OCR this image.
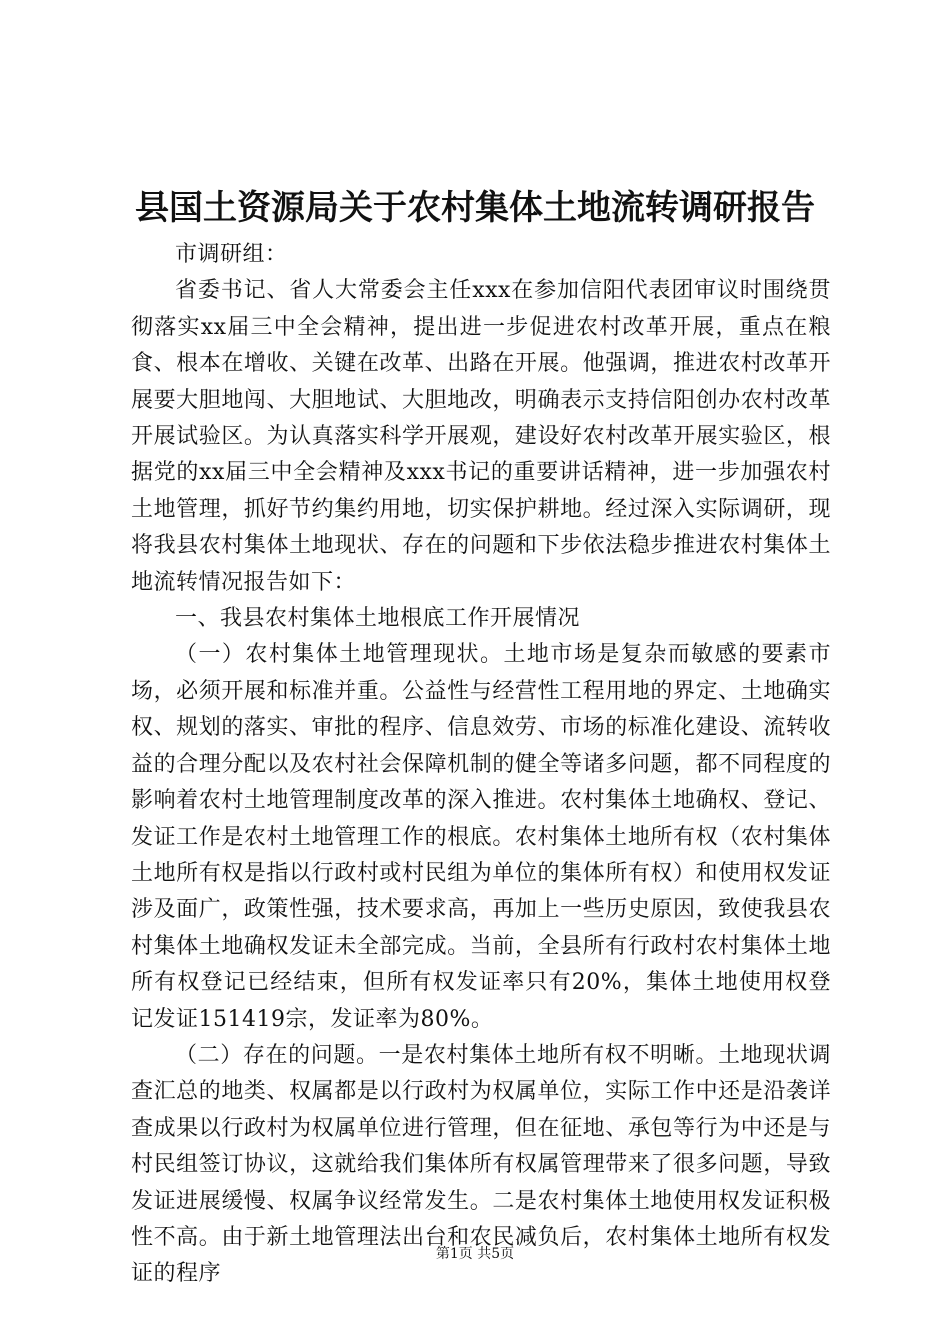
县国土资源局关于农村集体土地流转调研报告

市调研组：

省委书记、省人大常委会主任xxx在参加信阳代表团审议时围绕贯彻落实xx届三中全会精神，提出进一步促进农村改革开展，重点在粮食、根本在增收、关键在改革、出路在开展。他强调，推进农村改革开展要大胆地闯、大胆地试、大胆地改，明确表示支持信阳创办农村改革开展试验区。为认真落实科学开展观，建设好农村改革开展实验区，根据党的xx届三中全会精神及xxx书记的重要讲话精神，进一步加强农村土地管理，抓好节约集约用地，切实保护耕地。经过深入实际调研，现将我县农村集体土地现状、存在的问题和下步依法稳步推进农村集体土地流转情况报告如下：

一、我县农村集体土地根底工作开展情况

（一）农村集体土地管理现状。土地市场是复杂而敏感的要素市场，必须开展和标准并重。公益性与经营性工程用地的界定、土地确实权、规划的落实、审批的程序、信息效劳、市场的标准化建设、流转收益的合理分配以及农村社会保障机制的健全等诸多问题，都不同程度的影响着农村土地管理制度改革的深入推进。农村集体土地确权、登记、发证工作是农村土地管理工作的根底。农村集体土地所有权（农村集体土地所有权是指以行政村或村民组为单位的集体所有权）和使用权发证涉及面广，政策性强，技术要求高，再加上一些历史原因，致使我县农村集体土地确权发证未全部完成。当前，全县所有行政村农村集体土地所有权登记已经结束，但所有权发证率只有20%，集体土地使用权登记发证151419宗，发证率为80%。

（二）存在的问题。一是农村集体土地所有权不明晰。土地现状调查汇总的地类、权属都是以行政村为权属单位，实际工作中还是沿袭详查成果以行政村为权属单位进行管理，但在征地、承包等行为中还是与村民组签订协议，这就给我们集体所有权属管理带来了很多问题，导致发证进展缓慢、权属争议经常发生。二是农村集体土地使用权发证积极性不高。由于新土地管理法出台和农民减负后，农村集体土地所有权发证的程序

第1页 共5页
